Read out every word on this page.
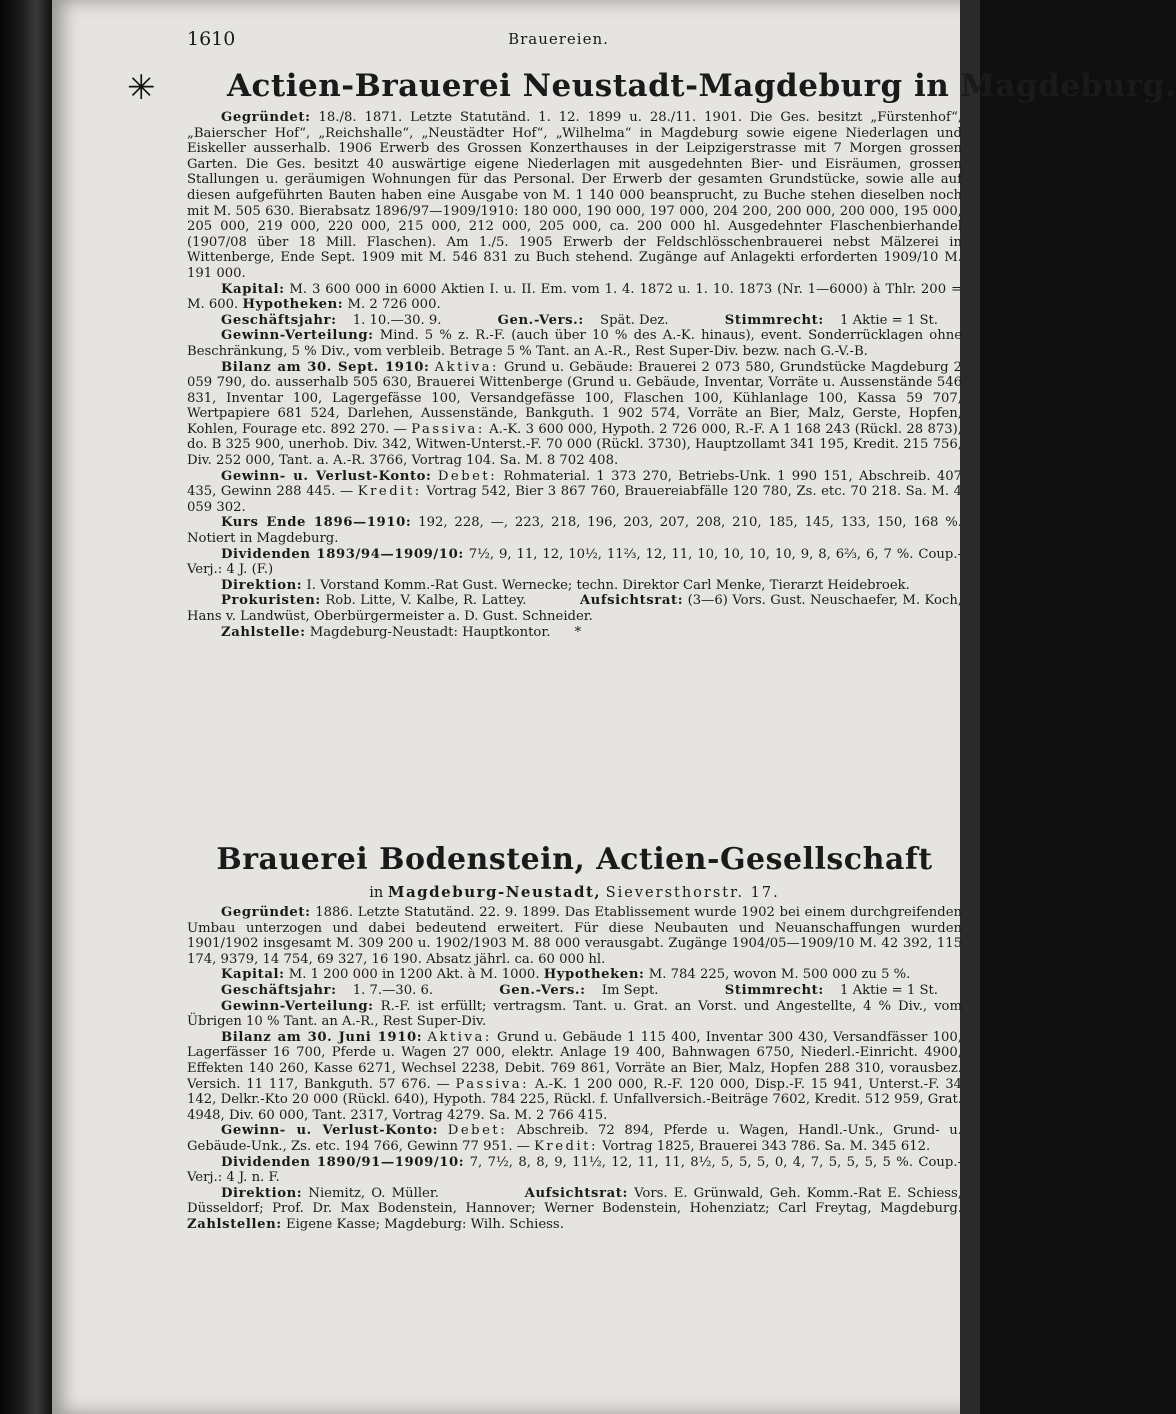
1610	Brauereien.
✳ Actien-Brauerei Neustadt-Magdeburg in Magdeburg.

Gegründet: 18./8. 1871. Letzte Statutänd. 1. 12. 1899 u. 28./11. 1901. Die Ges. besitzt „Fürstenhof“, „Baierscher Hof“, „Reichshalle“, „Neustädter Hof“, „Wilhelma“ in Magdeburg sowie eigene Niederlagen und Eiskeller ausserhalb. 1906 Erwerb des Grossen Konzerthauses in der Leipzigerstrasse mit 7 Morgen grossen Garten. Die Ges. besitzt 40 auswärtige eigene Niederlagen mit ausgedehnten Bier- und Eisräumen, grossen Stallungen u. geräumigen Wohnungen für das Personal. Der Erwerb der gesamten Grundstücke, sowie alle auf diesen aufgeführten Bauten haben eine Ausgabe von M. 1 140 000 beansprucht, zu Buche stehen dieselben noch mit M. 505 630. Bierabsatz 1896/97—1909/1910: 180 000, 190 000, 197 000, 204 200, 200 000, 200 000, 195 000, 205 000, 219 000, 220 000, 215 000, 212 000, 205 000, ca. 200 000 hl. Ausgedehnter Flaschenbierhandel (1907/08 über 18 Mill. Flaschen). Am 1./5. 1905 Erwerb der Feldschlösschenbrauerei nebst Mälzerei in Wittenberge, Ende Sept. 1909 mit M. 546 831 zu Buch stehend. Zugänge auf Anlagekti erforderten 1909/10 M. 191 000.

Kapital: M. 3 600 000 in 6000 Aktien I. u. II. Em. vom 1. 4. 1872 u. 1. 10. 1873 (Nr. 1—6000) à Thlr. 200 = M. 600. Hypotheken: M. 2 726 000.

Geschäftsjahr: 1. 10.—30. 9.	Gen.-Vers.: Spät. Dez.	Stimmrecht: 1 Aktie = 1 St.

Gewinn-Verteilung: Mind. 5 % z. R.-F. (auch über 10 % des A.-K. hinaus), event. Sonderrücklagen ohne Beschränkung, 5 % Div., vom verbleib. Betrage 5 % Tant. an A.-R., Rest Super-Div. bezw. nach G.-V.-B.

Bilanz am 30. Sept. 1910: Aktiva: Grund u. Gebäude: Brauerei 2 073 580, Grundstücke Magdeburg 2 059 790, do. ausserhalb 505 630, Brauerei Wittenberge (Grund u. Gebäude, Inventar, Vorräte u. Aussenstände 546 831, Inventar 100, Lagergefässe 100, Versandgefässe 100, Flaschen 100, Kühlanlage 100, Kassa 59 707, Wertpapiere 681 524, Darlehen, Aussenstände, Bankguth. 1 902 574, Vorräte an Bier, Malz, Gerste, Hopfen, Kohlen, Fourage etc. 892 270. — Passiva: A.-K. 3 600 000, Hypoth. 2 726 000, R.-F. A 1 168 243 (Rückl. 28 873), do. B 325 900, unerhob. Div. 342, Witwen-Unterst.-F. 70 000 (Rückl. 3730), Hauptzollamt 341 195, Kredit. 215 756, Div. 252 000, Tant. a. A.-R. 3766, Vortrag 104. Sa. M. 8 702 408.

Gewinn- u. Verlust-Konto: Debet: Rohmaterial. 1 373 270, Betriebs-Unk. 1 990 151, Abschreib. 407 435, Gewinn 288 445. — Kredit: Vortrag 542, Bier 3 867 760, Brauereiabfälle 120 780, Zs. etc. 70 218. Sa. M. 4 059 302.

Kurs Ende 1896—1910: 192, 228, —, 223, 218, 196, 203, 207, 208, 210, 185, 145, 133, 150, 168 %. Notiert in Magdeburg.

Dividenden 1893/94—1909/10: 7½, 9, 11, 12, 10½, 11⅔, 12, 11, 10, 10, 10, 10, 9, 8, 6⅔, 6, 7 %. Coup.-Verj.: 4 J. (F.)

Direktion: I. Vorstand Komm.-Rat Gust. Wernecke; techn. Direktor Carl Menke, Tierarzt Heidebroek.

Prokuristen: Rob. Litte, V. Kalbe, R. Lattey.	Aufsichtsrat: (3—6) Vors. Gust. Neuschaefer, M. Koch, Hans v. Landwüst, Oberbürgermeister a. D. Gust. Schneider.

Zahlstelle: Magdeburg-Neustadt: Hauptkontor. *

Brauerei Bodenstein, Actien-Gesellschaft
in Magdeburg-Neustadt, Sieversthorstr. 17.

Gegründet: 1886. Letzte Statutänd. 22. 9. 1899. Das Etablissement wurde 1902 bei einem durchgreifenden Umbau unterzogen und dabei bedeutend erweitert. Für diese Neubauten und Neuanschaffungen wurden 1901/1902 insgesamt M. 309 200 u. 1902/1903 M. 88 000 verausgabt. Zugänge 1904/05—1909/10 M. 42 392, 115 174, 9379, 14 754, 69 327, 16 190. Absatz jährl. ca. 60 000 hl.

Kapital: M. 1 200 000 in 1200 Akt. à M. 1000. Hypotheken: M. 784 225, wovon M. 500 000 zu 5 %.

Geschäftsjahr: 1. 7.—30. 6.	Gen.-Vers.: Im Sept.	Stimmrecht: 1 Aktie = 1 St.

Gewinn-Verteilung: R.-F. ist erfüllt; vertragsm. Tant. u. Grat. an Vorst. und Angestellte, 4 % Div., vom Übrigen 10 % Tant. an A.-R., Rest Super-Div.

Bilanz am 30. Juni 1910: Aktiva: Grund u. Gebäude 1 115 400, Inventar 300 430, Versandfässer 100, Lagerfässer 16 700, Pferde u. Wagen 27 000, elektr. Anlage 19 400, Bahnwagen 6750, Niederl.-Einricht. 4900, Effekten 140 260, Kasse 6271, Wechsel 2238, Debit. 769 861, Vorräte an Bier, Malz, Hopfen 288 310, vorausbez. Versich. 11 117, Bankguth. 57 676. — Passiva: A.-K. 1 200 000, R.-F. 120 000, Disp.-F. 15 941, Unterst.-F. 34 142, Delkr.-Kto 20 000 (Rückl. 640), Hypoth. 784 225, Rückl. f. Unfallversich.-Beiträge 7602, Kredit. 512 959, Grat. 4948, Div. 60 000, Tant. 2317, Vortrag 4279. Sa. M. 2 766 415.

Gewinn- u. Verlust-Konto: Debet: Abschreib. 72 894, Pferde u. Wagen, Handl.-Unk., Grund- u. Gebäude-Unk., Zs. etc. 194 766, Gewinn 77 951. — Kredit: Vortrag 1825, Brauerei 343 786. Sa. M. 345 612.

Dividenden 1890/91—1909/10: 7, 7½, 8, 8, 9, 11½, 12, 11, 11, 8½, 5, 5, 5, 0, 4, 7, 5, 5, 5, 5 %. Coup.-Verj.: 4 J. n. F.

Direktion: Niemitz, O. Müller.	Aufsichtsrat: Vors. E. Grünwald, Geh. Komm.-Rat E. Schiess, Düsseldorf; Prof. Dr. Max Bodenstein, Hannover; Werner Bodenstein, Hohenziatz; Carl Freytag, Magdeburg. Zahlstellen: Eigene Kasse; Magdeburg: Wilh. Schiess.
